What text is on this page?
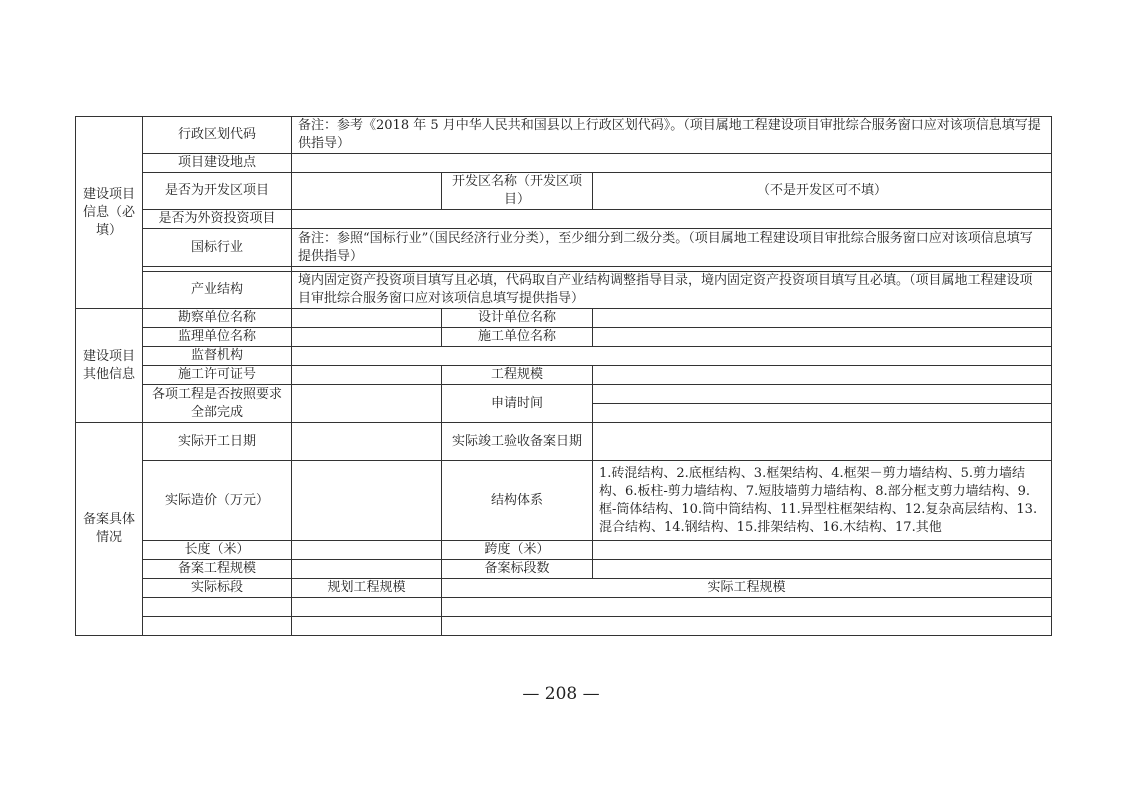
建设项目信息（必填）	行政区划代码	备注：参考《2018 年 5 月中华人民共和国县以上行政区划代码》。（项目属地工程建设项目审批综合服务窗口应对该项信息填写提供指导）		
	项目建设地点			
	是否为开发区项目		开发区名称（开发区项目）	（不是开发区可不填）
	是否为外资投资项目			
	国标行业	备注：参照“国标行业”（国民经济行业分类），至少细分到二级分类。（项目属地工程建设项目审批综合服务窗口应对该项信息填写提供指导）		

	产业结构	境内固定资产投资项目填写且必填，代码取自产业结构调整指导目录，境内固定资产投资项目填写且必填。（项目属地工程建设项目审批综合服务窗口应对该项信息填写提供指导）		
建设项目其他信息	勘察单位名称		设计单位名称	
	监理单位名称		施工单位名称	
	监督机构			
	施工许可证号		工程规模	
	各项工程是否按照要求全部完成		申请时间	

备案具体情况	实际开工日期		实际竣工验收备案日期	
	实际造价（万元）		结构体系	1.砖混结构、2.底框结构、3.框架结构、4.框架－剪力墙结构、5.剪力墙结构、6.板柱-剪力墙结构、7.短肢墙剪力墙结构、8.部分框支剪力墙结构、9.框-筒体结构、10.筒中筒结构、11.异型柱框架结构、12.复杂高层结构、13.混合结构、14.钢结构、15.排架结构、16.木结构、17.其他
	长度（米）		跨度（米）	
	备案工程规模		备案标段数	
	实际标段	规划工程规模	实际工程规模	

— 208 —
